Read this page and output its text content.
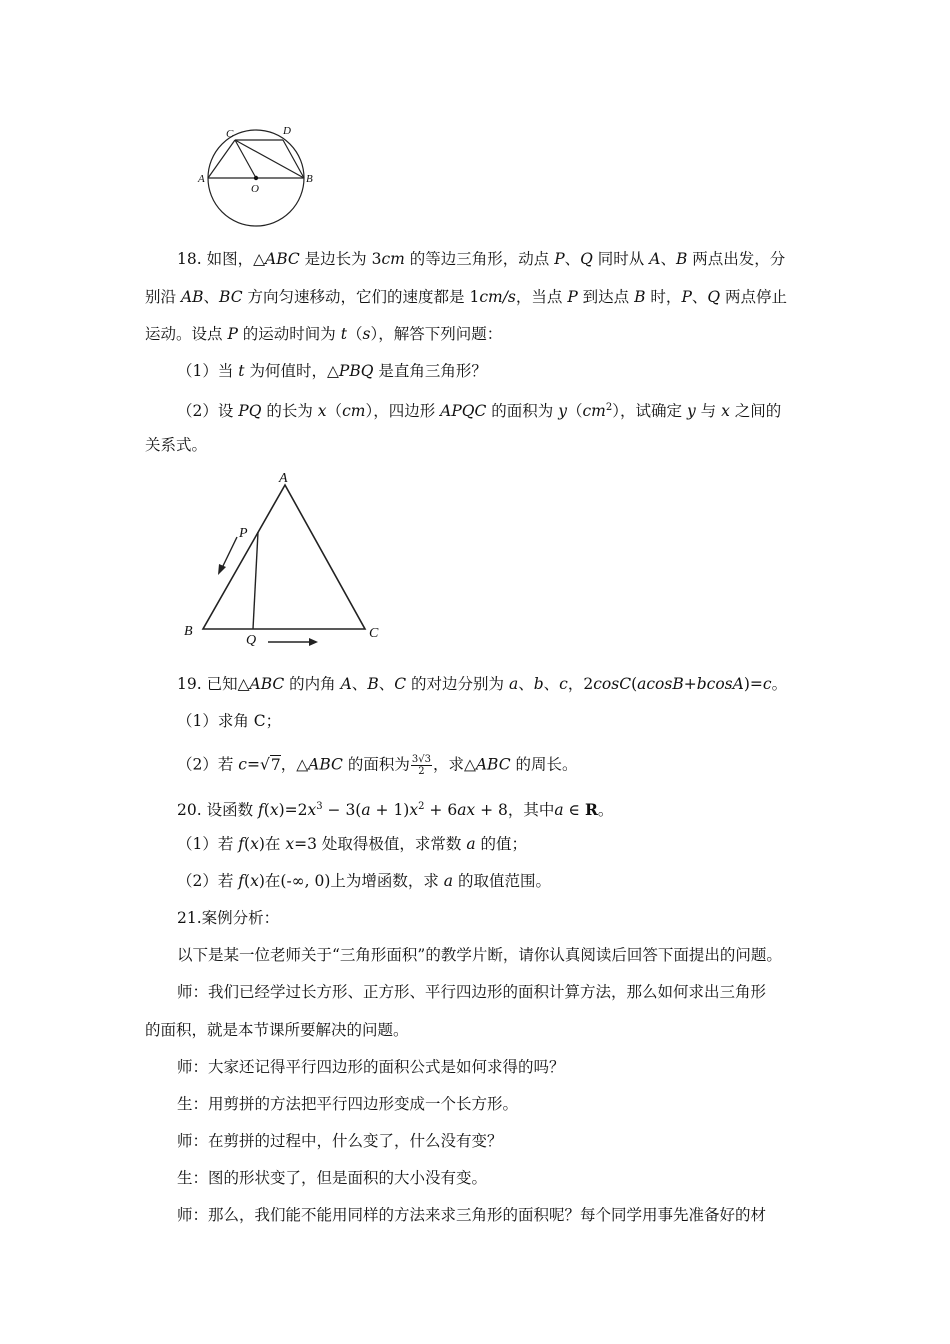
A	B
C	D
O
18. 如图，△ABC 是边长为 3cm 的等边三角形，动点 P、Q 同时从 A、B 两点出发，分
别沿 AB、BC 方向匀速移动，它们的速度都是 1cm/s，当点 P 到达点 B 时，P、Q 两点停止
运动。设点 P 的运动时间为 t（s），解答下列问题：
（1）当 t 为何值时，△PBQ 是直角三角形？
（2）设 PQ 的长为 x（cm），四边形 APQC 的面积为 $y(cm^2)$，试确定 y 与 x 之间的
关系式。
A
B	C
P
Q
19. 已知△ABC 的内角 A、B、C 的对边分别为 a、b、c，2cosC(acosB+bcosA)=c。
（1）求角 C；
（2）若 c=√7，△ABC 的面积为 $\frac{3√3}{2}$ ，求△ABC 的周长。
20. 设函数 $f(x)=2x^3 - 3(a + 1)x^2 + 6ax + 8$，其中a ∈ R。
（1）若 f(x)在 x=3 处取得极值，求常数 a 的值；
（2）若 f(x)在(-∞, 0)上为增函数，求 a 的取值范围。
21.案例分析：
以下是某一位老师关于“三角形面积”的教学片断，请你认真阅读后回答下面提出的问题。
师：我们已经学过长方形、正方形、平行四边形的面积计算方法，那么如何求出三角形
的面积，就是本节课所要解决的问题。
师：大家还记得平行四边形的面积公式是如何求得的吗？
生：用剪拼的方法把平行四边形变成一个长方形。
师：在剪拼的过程中，什么变了，什么没有变？
生：图的形状变了，但是面积的大小没有变。
师：那么，我们能不能用同样的方法来求三角形的面积呢？每个同学用事先准备好的材
